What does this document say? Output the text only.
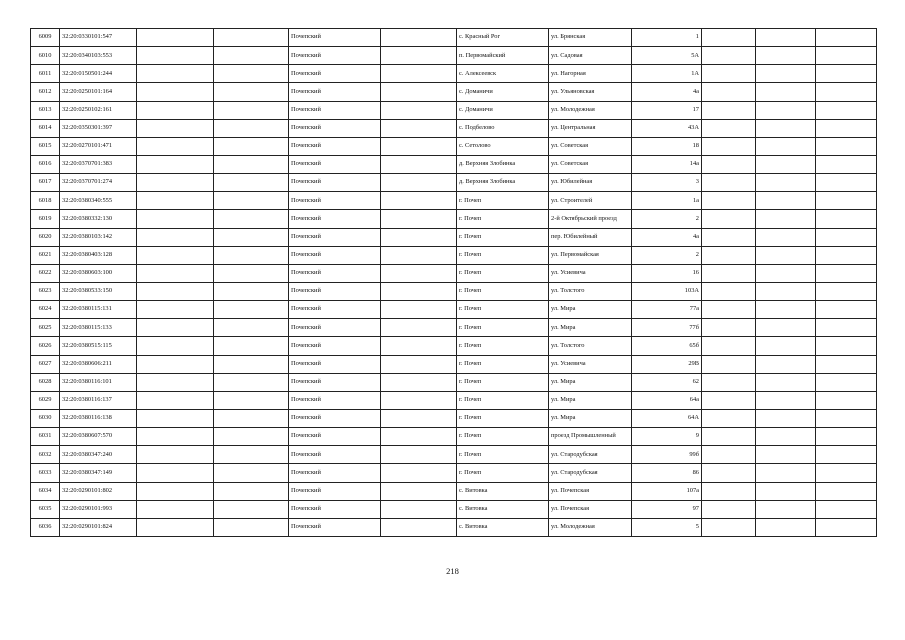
6009	32:20:0330101:547			Почепский		с. Красный Рог	ул. Брянская	1			
6010	32:20:0340103:553			Почепский		п. Первомайский	ул. Садовая	5А			
6011	32:20:0150501:244			Почепский		с. Алексеевск	ул. Нагорная	1А			
6012	32:20:0250101:164			Почепский		с. Доманичи	ул. Ульяновская	4а			
6013	32:20:0250102:161			Почепский		с. Доманичи	ул. Молодежная	17			
6014	32:20:0350301:397			Почепский		с. Подбелово	ул. Центральная	43А			
6015	32:20:0270101:471			Почепский		с. Сетолово	ул. Советская	18			
6016	32:20:0370701:383			Почепский		д. Верхняя Злобинка	ул. Советская	14а			
6017	32:20:0370701:274			Почепский		д. Верхняя Злобинка	ул. Юбилейная	3			
6018	32:20:0380340:555			Почепский		г. Почеп	ул. Строителей	1а			
6019	32:20:0380332:130			Почепский		г. Почеп	2-й Октябрьский проезд	2			
6020	32:20:0380103:142			Почепский		г. Почеп	пер. Юбилейный	4а			
6021	32:20:0380403:128			Почепский		г. Почеп	ул. Первомайская	2			
6022	32:20:0380603:100			Почепский		г. Почеп	ул. Усиевича	16			
6023	32:20:0380533:150			Почепский		г. Почеп	ул. Толстого	103А			
6024	32:20:0380115:131			Почепский		г. Почеп	ул. Мира	77а			
6025	32:20:0380115:133			Почепский		г. Почеп	ул. Мира	77б			
6026	32:20:0380515:115			Почепский		г. Почеп	ул. Толстого	65б			
6027	32:20:0380606:211			Почепский		г. Почеп	ул. Усиевича	29В			
6028	32:20:0380116:101			Почепский		г. Почеп	ул. Мира	62			
6029	32:20:0380116:137			Почепский		г. Почеп	ул. Мира	64а			
6030	32:20:0380116:138			Почепский		г. Почеп	ул. Мира	64А			
6031	32:20:0380607:570			Почепский		г. Почеп	проезд Промышленный	9			
6032	32:20:0380347:240			Почепский		г. Почеп	ул. Стародубская	99б			
6033	32:20:0380347:149			Почепский		г. Почеп	ул. Стародубская	86			
6034	32:20:0290101:802			Почепский		с. Витовка	ул. Почепская	107а			
6035	32:20:0290101:993			Почепский		с. Витовка	ул. Почепская	97			
6036	32:20:0290101:824			Почепский		с. Витовка	ул. Молодежная	5			
218
